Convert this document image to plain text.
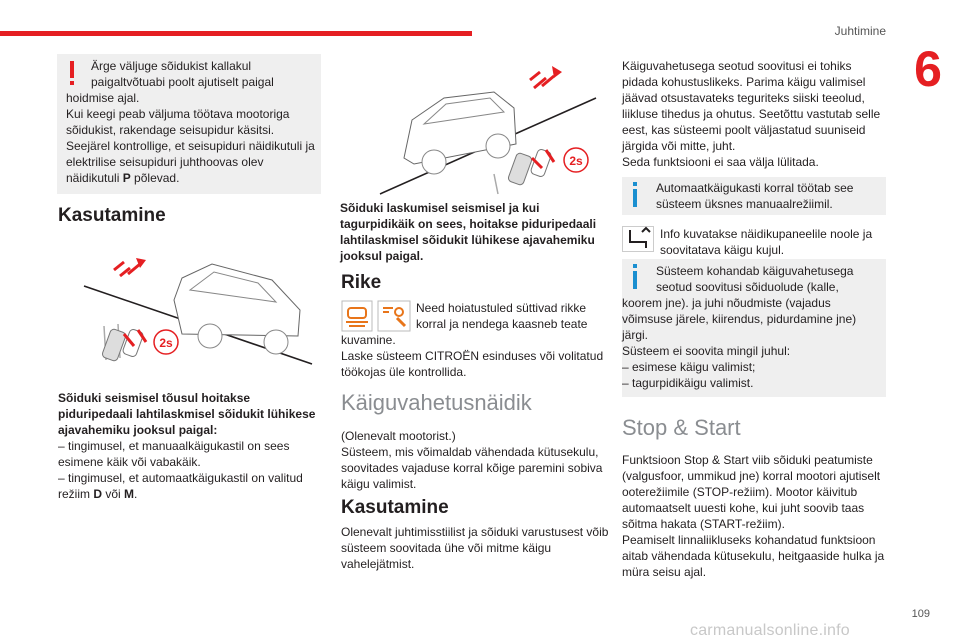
Juhtimine
6
Ärge väljuge sõidukist kallakul
paigaltvõtuabi poolt ajutiselt paigal
hoidmise ajal.
Kui keegi peab väljuma töötava mootoriga sõidukist, rakendage seisupidur käsitsi.
Seejärel kontrollige, et seisupiduri näidikutuli ja elektrilise seisupiduri juhthoovas olev näidikutuli P põlevad.
Kasutamine
2s
Sõiduki seismisel tõusul hoitakse piduripedaali lahtilaskmisel sõidukit lühikese ajavahemiku jooksul paigal:
– tingimusel, et manuaalkäigukastil on sees esimene käik või vabakäik.
– tingimusel, et automaatkäigukastil on valitud režiim D või M.
2s
Sõiduki laskumisel seismisel ja kui tagurpidikäik on sees, hoitakse piduripedaali lahtilaskmisel sõidukit lühikese ajavahemiku jooksul paigal.
Rike
Need hoiatustuled süttivad rikke
korral ja nendega kaasneb teate
kuvamine.
Laske süsteem CITROËN esinduses või volitatud töökojas üle kontrollida.
Käiguvahetusnäidik
(Olenevalt mootorist.)
Süsteem, mis võimaldab vähendada kütusekulu, soovitades vajaduse korral kõige paremini sobiva käigu valimist.
Kasutamine
Olenevalt juhtimisstiilist ja sõiduki varustusest võib süsteem soovitada ühe või mitme käigu vahelejätmist.
Käiguvahetusega seotud soovitusi ei tohiks pidada kohustuslikeks. Parima käigu valimisel jäävad otsustavateks teguriteks siiski teeolud, liikluse tihedus ja ohutus. Seetõttu vastutab selle eest, kas süsteemi poolt väljastatud suuniseid järgida või mitte, juht.
Seda funktsiooni ei saa välja lülitada.
Automaatkäigukasti korral töötab see
süsteem üksnes manuaalrežiimil.
Info kuvatakse näidikupaneelile noole ja
soovitatava käigu kujul.
Süsteem kohandab käiguvahetusega
seotud soovitusi sõiduolude (kalle,
koorem jne). ja juhi nõudmiste (vajadus võimsuse järele, kiirendus, pidurdamine jne) järgi.
Süsteem ei soovita mingil juhul:
– esimese käigu valimist;
– tagurpidikäigu valimist.
Stop & Start
Funktsioon Stop & Start viib sõiduki peatumiste (valgusfoor, ummikud jne) korral mootori ajutiselt ooterežiimile (STOP-režiim). Mootor käivitub automaatselt uuesti kohe, kui juht soovib taas sõitma hakata (START-režiim).
Peamiselt linnaliikluseks kohandatud funktsioon aitab vähendada kütusekulu, heitgaaside hulka ja müra seisu ajal.
109
carmanualsonline.info
